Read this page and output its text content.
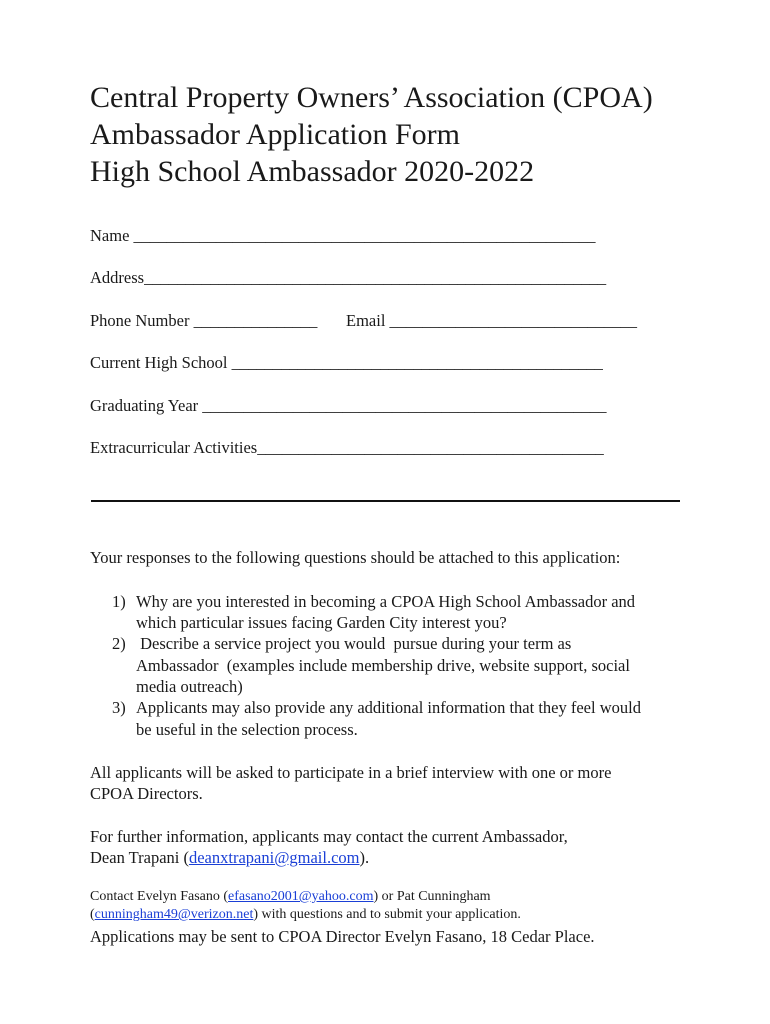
Central Property Owners’ Association (CPOA)
Ambassador Application Form
High School Ambassador 2020-2022
Name ________________________________________________________
Address________________________________________________________
Phone Number _______________ Email ______________________________
Current High School _____________________________________________
Graduating Year _________________________________________________
Extracurricular Activities__________________________________________
Your responses to the following questions should be attached to this application:
1) Why are you interested in becoming a CPOA High School Ambassador and
which particular issues facing Garden City interest you?
2) Describe a service project you would  pursue during your term as
Ambassador  (examples include membership drive, website support, social
media outreach)
3) Applicants may also provide any additional information that they feel would
be useful in the selection process.
All applicants will be asked to participate in a brief interview with one or more
CPOA Directors.
For further information, applicants may contact the current Ambassador,
Dean Trapani (deanxtrapani@gmail.com).
Contact Evelyn Fasano (efasano2001@yahoo.com) or Pat Cunningham
(cunningham49@verizon.net) with questions and to submit your application.
Applications may be sent to CPOA Director Evelyn Fasano, 18 Cedar Place.
